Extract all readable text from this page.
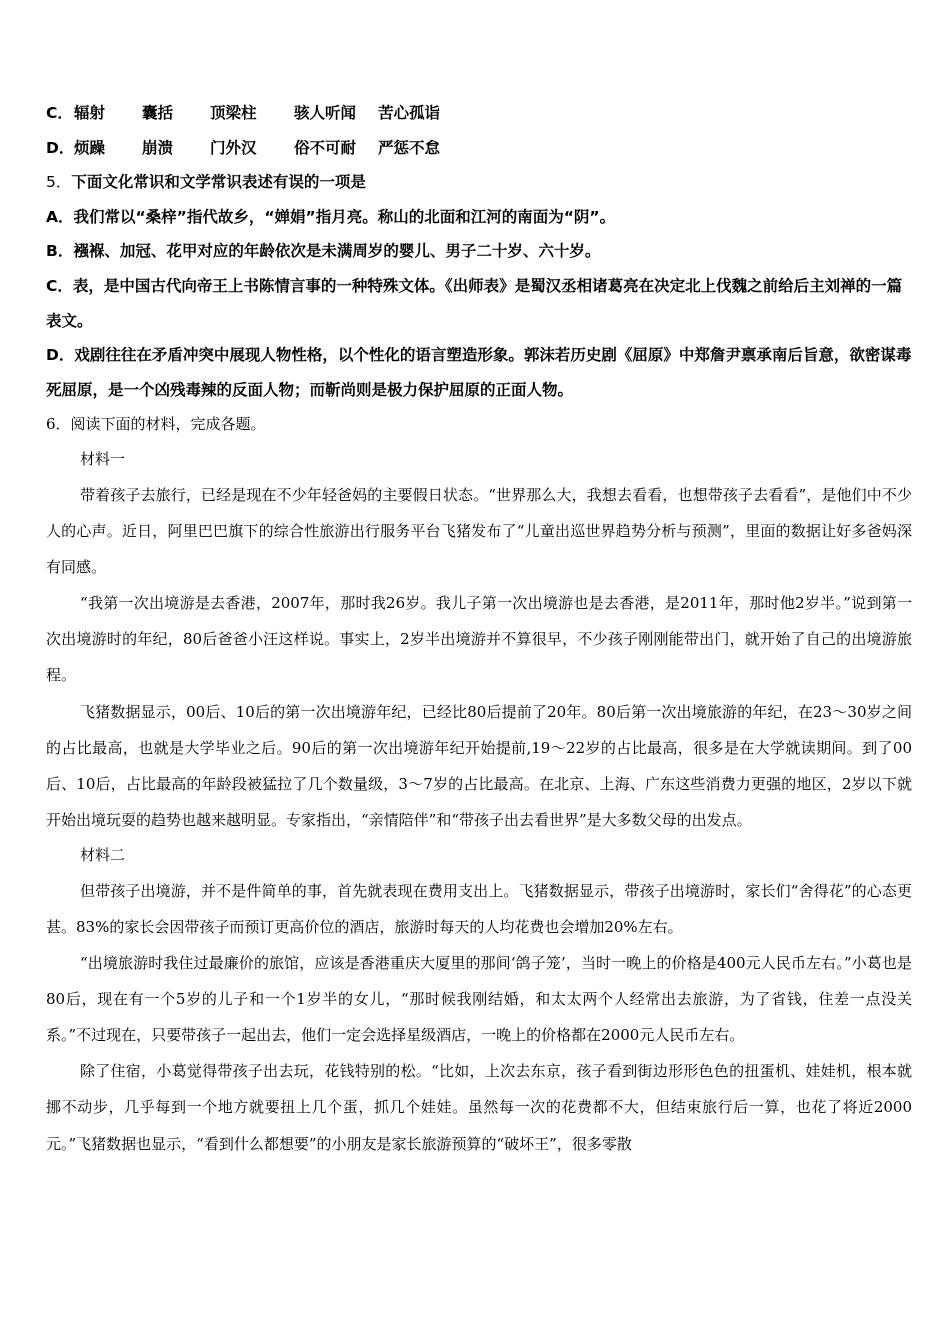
C．辐射 囊括 顶梁柱 骇人听闻 苦心孤诣

D．烦躁 崩溃 门外汉 俗不可耐 严惩不怠

5．下面文化常识和文学常识表述有误的一项是

A．我们常以“桑梓”指代故乡，“婵娟”指月亮。称山的北面和江河的南面为“阴”。

B．襁褓、加冠、花甲对应的年龄依次是未满周岁的婴儿、男子二十岁、六十岁。

C．表，是中国古代向帝王上书陈情言事的一种特殊文体。《出师表》是蜀汉丞相诸葛亮在决定北上伐魏之前给后主刘禅的一篇表文。

D．戏剧往往在矛盾冲突中展现人物性格，以个性化的语言塑造形象。郭沫若历史剧《屈原》中郑詹尹禀承南后旨意，欲密谋毒死屈原，是一个凶残毒辣的反面人物；而靳尚则是极力保护屈原的正面人物。

6．阅读下面的材料，完成各题。

材料一

带着孩子去旅行，已经是现在不少年轻爸妈的主要假日状态。“世界那么大，我想去看看，也想带孩子去看看”，是他们中不少人的心声。近日，阿里巴巴旗下的综合性旅游出行服务平台飞猪发布了“儿童出巡世界趋势分析与预测”，里面的数据让好多爸妈深有同感。

“我第一次出境游是去香港，2007年，那时我26岁。我儿子第一次出境游也是去香港，是2011年，那时他2岁半。”说到第一次出境游时的年纪，80后爸爸小汪这样说。事实上，2岁半出境游并不算很早，不少孩子刚刚能带出门，就开始了自己的出境游旅程。

飞猪数据显示，00后、10后的第一次出境游年纪，已经比80后提前了20年。80后第一次出境旅游的年纪，在23～30岁之间的占比最高，也就是大学毕业之后。90后的第一次出境游年纪开始提前,19～22岁的占比最高，很多是在大学就读期间。到了00后、10后，占比最高的年龄段被猛拉了几个数量级，3～7岁的占比最高。在北京、上海、广东这些消费力更强的地区，2岁以下就开始出境玩耍的趋势也越来越明显。专家指出，“亲情陪伴”和“带孩子出去看世界”是大多数父母的出发点。

材料二

但带孩子出境游，并不是件简单的事，首先就表现在费用支出上。飞猪数据显示，带孩子出境游时，家长们“舍得花”的心态更甚。83%的家长会因带孩子而预订更高价位的酒店，旅游时每天的人均花费也会增加20%左右。

“出境旅游时我住过最廉价的旅馆，应该是香港重庆大厦里的那间‘鸽子笼’，当时一晚上的价格是400元人民币左右。”小葛也是80后，现在有一个5岁的儿子和一个1岁半的女儿，“那时候我刚结婚，和太太两个人经常出去旅游，为了省钱，住差一点没关系。”不过现在，只要带孩子一起出去，他们一定会选择星级酒店，一晚上的价格都在2000元人民币左右。

除了住宿，小葛觉得带孩子出去玩，花钱特别的松。“比如，上次去东京，孩子看到街边形形色色的扭蛋机、娃娃机，根本就挪不动步，几乎每到一个地方就要扭上几个蛋，抓几个娃娃。虽然每一次的花费都不大，但结束旅行后一算，也花了将近2000元。”飞猪数据也显示，“看到什么都想要”的小朋友是家长旅游预算的“破坏王”，很多零散
